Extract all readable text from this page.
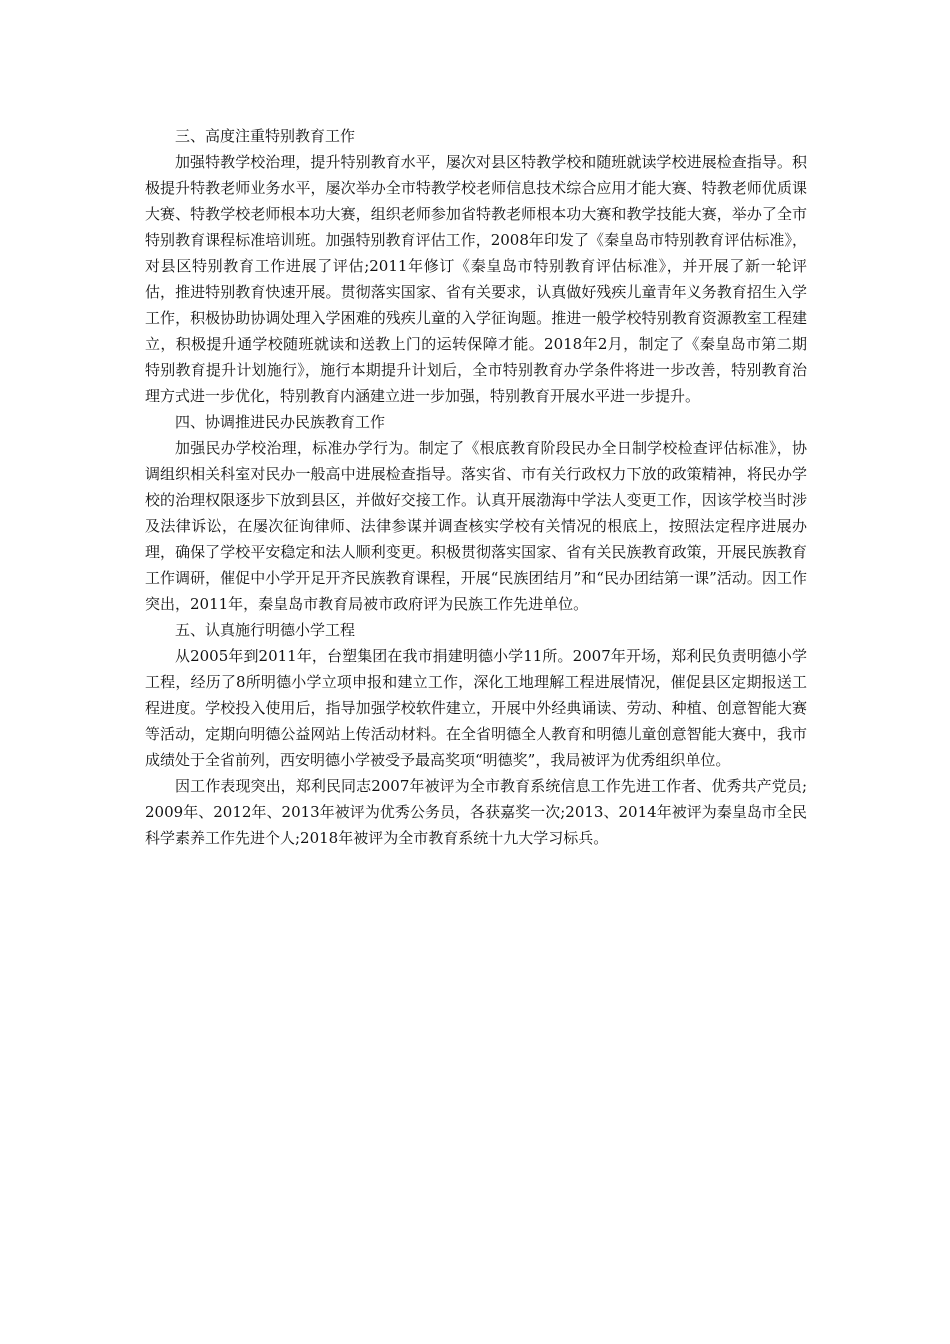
三、高度注重特别教育工作

加强特教学校治理，提升特别教育水平，屡次对县区特教学校和随班就读学校进展检查指导。积极提升特教老师业务水平，屡次举办全市特教学校老师信息技术综合应用才能大赛、特教老师优质课大赛、特教学校老师根本功大赛，组织老师参加省特教老师根本功大赛和教学技能大赛，举办了全市特别教育课程标准培训班。加强特别教育评估工作，2008年印发了《秦皇岛市特别教育评估标准》，对县区特别教育工作进展了评估;2011年修订《秦皇岛市特别教育评估标准》，并开展了新一轮评估，推进特别教育快速开展。贯彻落实国家、省有关要求，认真做好残疾儿童青年义务教育招生入学工作，积极协助协调处理入学困难的残疾儿童的入学征询题。推进一般学校特别教育资源教室工程建立，积极提升通学校随班就读和送教上门的运转保障才能。2018年2月，制定了《秦皇岛市第二期特别教育提升计划施行》，施行本期提升计划后，全市特别教育办学条件将进一步改善，特别教育治理方式进一步优化，特别教育内涵建立进一步加强，特别教育开展水平进一步提升。

四、协调推进民办民族教育工作

加强民办学校治理，标准办学行为。制定了《根底教育阶段民办全日制学校检查评估标准》，协调组织相关科室对民办一般高中进展检查指导。落实省、市有关行政权力下放的政策精神，将民办学校的治理权限逐步下放到县区，并做好交接工作。认真开展渤海中学法人变更工作，因该学校当时涉及法律诉讼，在屡次征询律师、法律参谋并调查核实学校有关情况的根底上，按照法定程序进展办理，确保了学校平安稳定和法人顺利变更。积极贯彻落实国家、省有关民族教育政策，开展民族教育工作调研，催促中小学开足开齐民族教育课程，开展“民族团结月”和“民办团结第一课”活动。因工作突出，2011年，秦皇岛市教育局被市政府评为民族工作先进单位。

五、认真施行明德小学工程

从2005年到2011年，台塑集团在我市捐建明德小学11所。2007年开场，郑利民负责明德小学工程，经历了8所明德小学立项申报和建立工作，深化工地理解工程进展情况，催促县区定期报送工程进度。学校投入使用后，指导加强学校软件建立，开展中外经典诵读、劳动、种植、创意智能大赛等活动，定期向明德公益网站上传活动材料。在全省明德全人教育和明德儿童创意智能大赛中，我市成绩处于全省前列，西安明德小学被受予最高奖项“明德奖”，我局被评为优秀组织单位。

因工作表现突出，郑利民同志2007年被评为全市教育系统信息工作先进工作者、优秀共产党员;2009年、2012年、2013年被评为优秀公务员，各获嘉奖一次;2013、2014年被评为秦皇岛市全民科学素养工作先进个人;2018年被评为全市教育系统十九大学习标兵。
